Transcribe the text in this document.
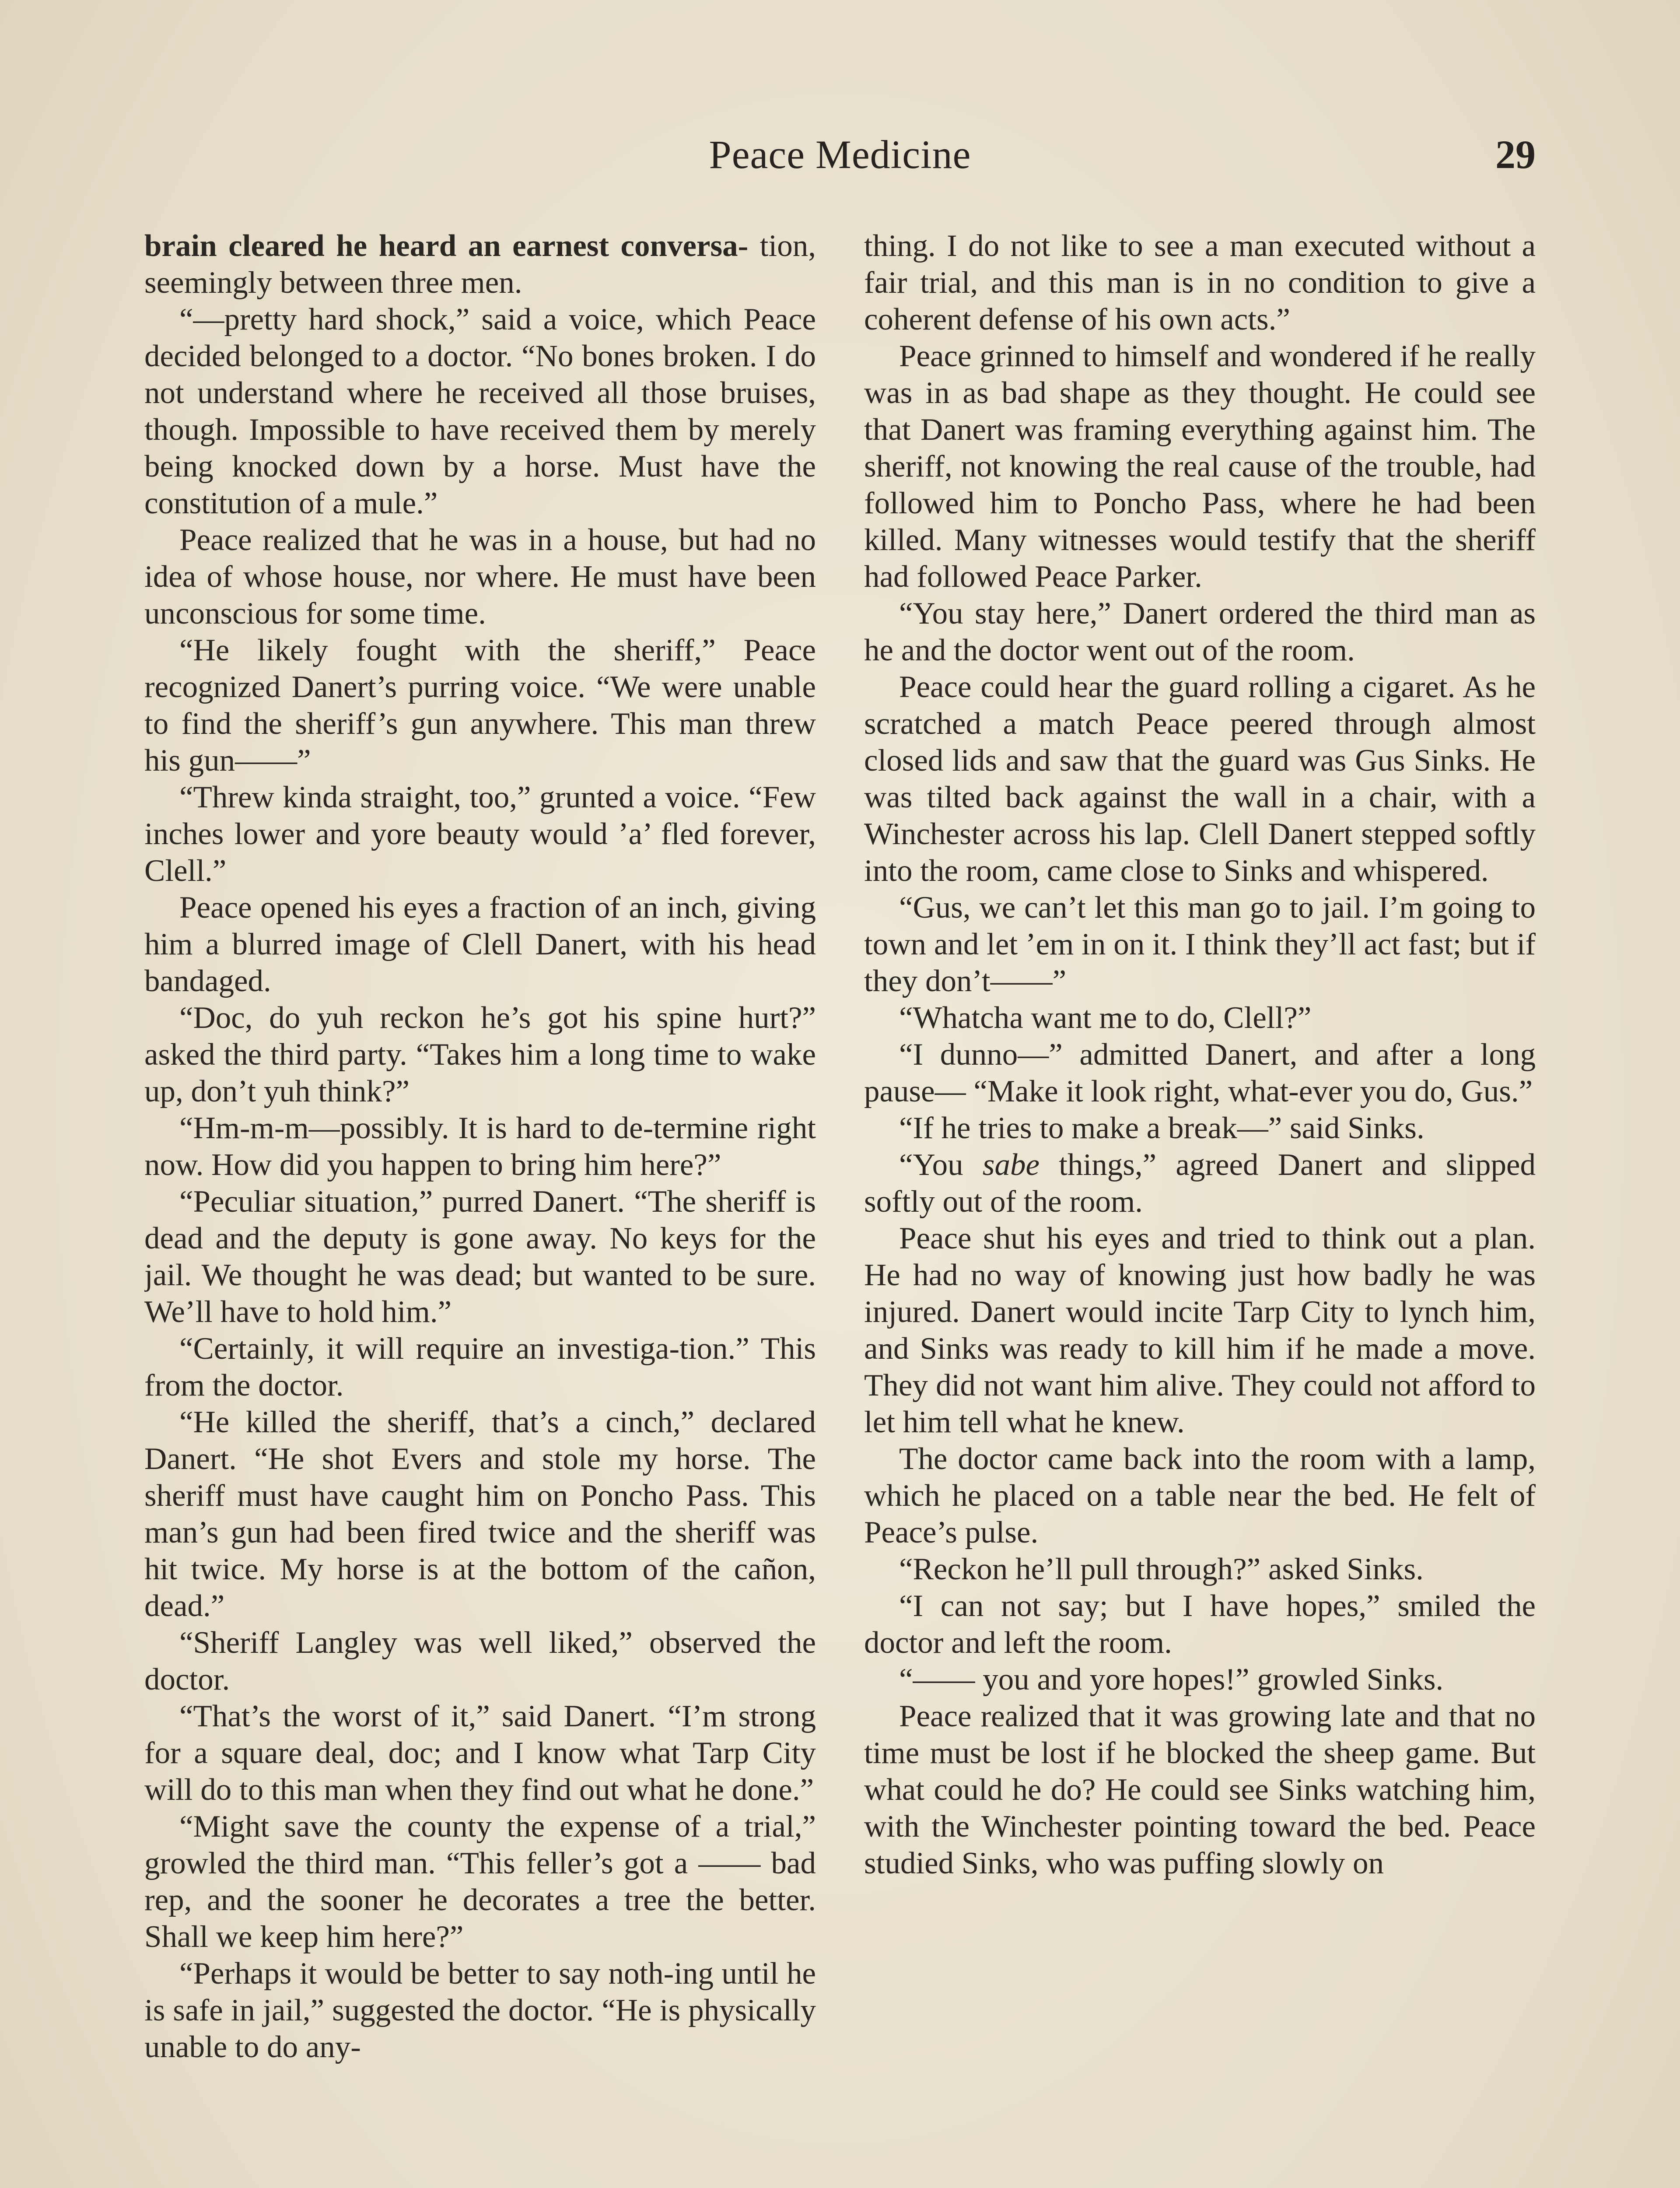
Peace Medicine	29

brain cleared he heard an earnest conversa- tion, seemingly between three men.

“—pretty hard shock,” said a voice, which Peace decided belonged to a doctor. “No bones broken. I do not understand where he received all those bruises, though. Impossible to have received them by merely being knocked down by a horse. Must have the constitution of a mule.”

Peace realized that he was in a house, but had no idea of whose house, nor where. He must have been unconscious for some time.

“He likely fought with the sheriff,” Peace recognized Danert’s purring voice. “We were unable to find the sheriff’s gun anywhere. This man threw his gun——”

“Threw kinda straight, too,” grunted a voice. “Few inches lower and yore beauty would ’a’ fled forever, Clell.”

Peace opened his eyes a fraction of an inch, giving him a blurred image of Clell Danert, with his head bandaged.

“Doc, do yuh reckon he’s got his spine hurt?” asked the third party. “Takes him a long time to wake up, don’t yuh think?”

“Hm-m-m—possibly. It is hard to de-termine right now. How did you happen to bring him here?”

“Peculiar situation,” purred Danert. “The sheriff is dead and the deputy is gone away. No keys for the jail. We thought he was dead; but wanted to be sure. We’ll have to hold him.”

“Certainly, it will require an investiga-tion.” This from the doctor.

“He killed the sheriff, that’s a cinch,” declared Danert. “He shot Evers and stole my horse. The sheriff must have caught him on Poncho Pass. This man’s gun had been fired twice and the sheriff was hit twice. My horse is at the bottom of the cañon, dead.”

“Sheriff Langley was well liked,” observed the doctor.

“That’s the worst of it,” said Danert. “I’m strong for a square deal, doc; and I know what Tarp City will do to this man when they find out what he done.”

“Might save the county the expense of a trial,” growled the third man. “This feller’s got a —— bad rep, and the sooner he decorates a tree the better. Shall we keep him here?”

“Perhaps it would be better to say noth-ing until he is safe in jail,” suggested the doctor. “He is physically unable to do any-

thing. I do not like to see a man executed without a fair trial, and this man is in no condition to give a coherent defense of his own acts.”

Peace grinned to himself and wondered if he really was in as bad shape as they thought. He could see that Danert was framing everything against him. The sheriff, not knowing the real cause of the trouble, had followed him to Poncho Pass, where he had been killed. Many witnesses would testify that the sheriff had followed Peace Parker.

“You stay here,” Danert ordered the third man as he and the doctor went out of the room.

Peace could hear the guard rolling a cigaret. As he scratched a match Peace peered through almost closed lids and saw that the guard was Gus Sinks. He was tilted back against the wall in a chair, with a Winchester across his lap. Clell Danert stepped softly into the room, came close to Sinks and whispered.

“Gus, we can’t let this man go to jail. I’m going to town and let ’em in on it. I think they’ll act fast; but if they don’t——”

“Whatcha want me to do, Clell?”

“I dunno—” admitted Danert, and after a long pause— “Make it look right, what-ever you do, Gus.”

“If he tries to make a break—” said Sinks.

“You sabe things,” agreed Danert and slipped softly out of the room.

Peace shut his eyes and tried to think out a plan. He had no way of knowing just how badly he was injured. Danert would incite Tarp City to lynch him, and Sinks was ready to kill him if he made a move. They did not want him alive. They could not afford to let him tell what he knew.

The doctor came back into the room with a lamp, which he placed on a table near the bed. He felt of Peace’s pulse.

“Reckon he’ll pull through?” asked Sinks.

“I can not say; but I have hopes,” smiled the doctor and left the room.

“—— you and yore hopes!” growled Sinks.

Peace realized that it was growing late and that no time must be lost if he blocked the sheep game. But what could he do? He could see Sinks watching him, with the Winchester pointing toward the bed. Peace studied Sinks, who was puffing slowly on
